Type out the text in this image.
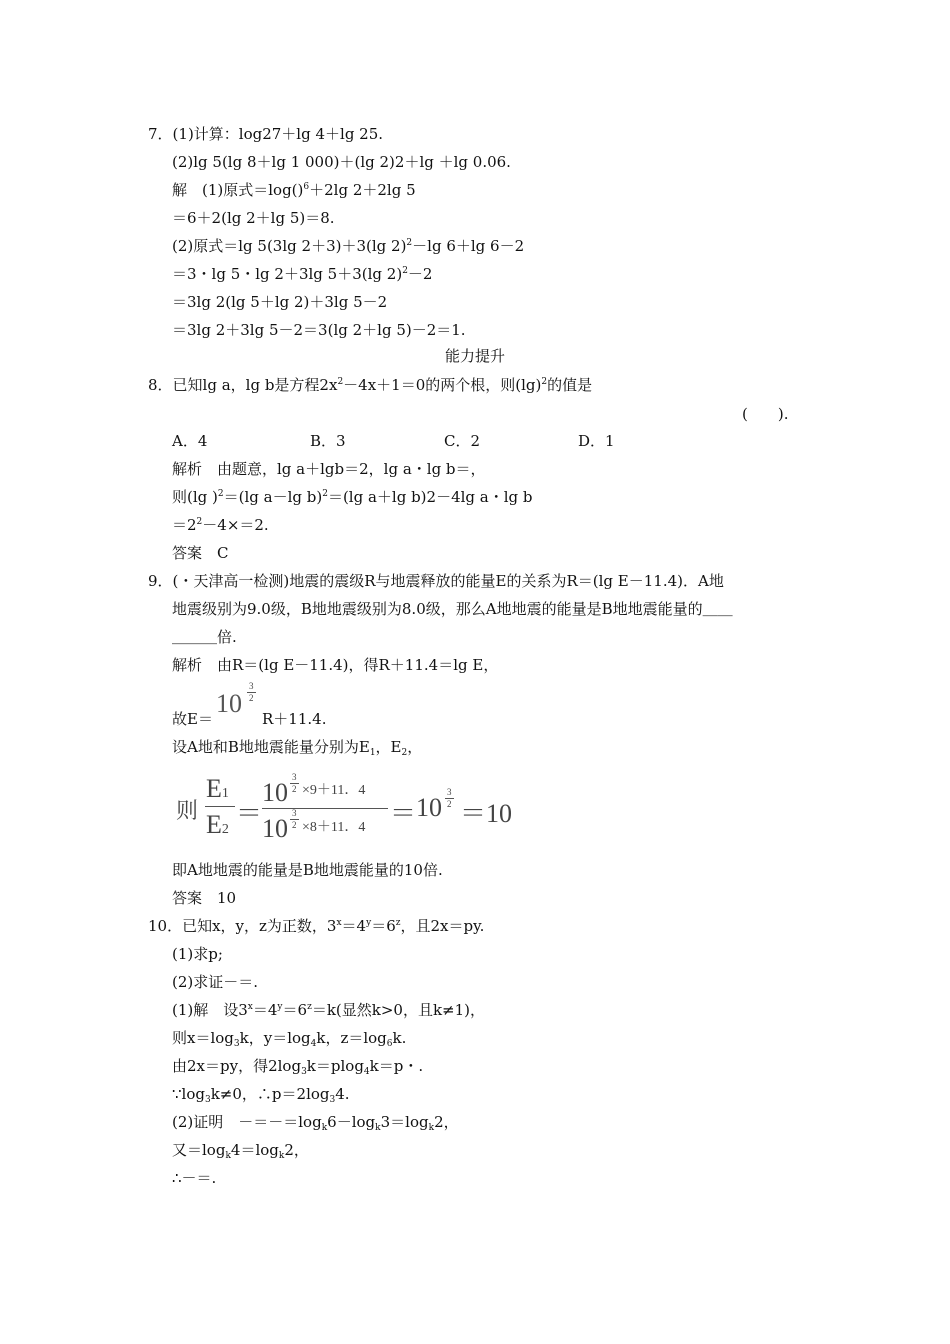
7．(1)计算：log27＋lg 4＋lg 25.
(2)lg 5(lg 8＋lg 1 000)＋(lg 2)2＋lg ＋lg 0.06.
解　(1)原式＝log()$^6$＋2lg 2＋2lg 5
＝6＋2(lg 2＋lg 5)＝8.
(2)原式＝lg 5(3lg 2＋3)＋3(lg 2)$^2$－lg 6＋lg 6－2
＝3・lg 5・lg 2＋3lg 5＋3(lg 2)$^2$－2
＝3lg 2(lg 5＋lg 2)＋3lg 5－2
＝3lg 2＋3lg 5－2＝3(lg 2＋lg 5)－2＝1.
能力提升
8．已知lg a，lg b是方程$2x^2-4x+1=0$的两个根，则$(\lg)^2$的值是
(　　).
A．4	B．3	C．2	D．1
解析　由题意，lg a＋lgb＝2，lg a・lg b＝，
则(lg )$^2$＝(lg a－lg b)$^2$＝(lg a＋lg b)2－4lg a・lg b
$=2^2-4\times=2$.
答案　C
9．(・天津高一检测)地震的震级R与地震释放的能量E的关系为R＝(lg E－11.4)．A地
地震级别为9.0级，B地地震级别为8.0级，那么A地地震的能量是B地地震能量的＿＿
＿＿＿倍.
解析　由R＝(lg E－11.4)，得R＋11.4＝lg E，
故E＝
10
3
2
R＋11.4.
设A地和B地地震能量分别为$E_1$，$E_2$，
则
E1
E2
＝
10
3
2 ×9＋11．4
10
3
2 ×8＋11．4 ＝ 10
3
2 ＝10
即A地地震的能量是B地地震能量的10倍.
答案　10
10．已知x，y，z为正数，$3^x=4^y=6^z$，且2x＝py.
(1)求p;
(2)求证－＝.
(1)解　设$3^x=4^y=6^z=k$(显然k>0，且k≠1)，
则$x=\log_3k$，$y=\log_4k$，$z=\log_6k$.
由2x＝py，得$2\log_3k=plog_4k=p$・.
$\because\log_3k\ne 0$，$\therefore p=2\log_34$.
(2)证明　$-=-=\log_k6-\log_k3=\log_k2$，
又$=\log_k4=\log_k2$，
∴－＝.
